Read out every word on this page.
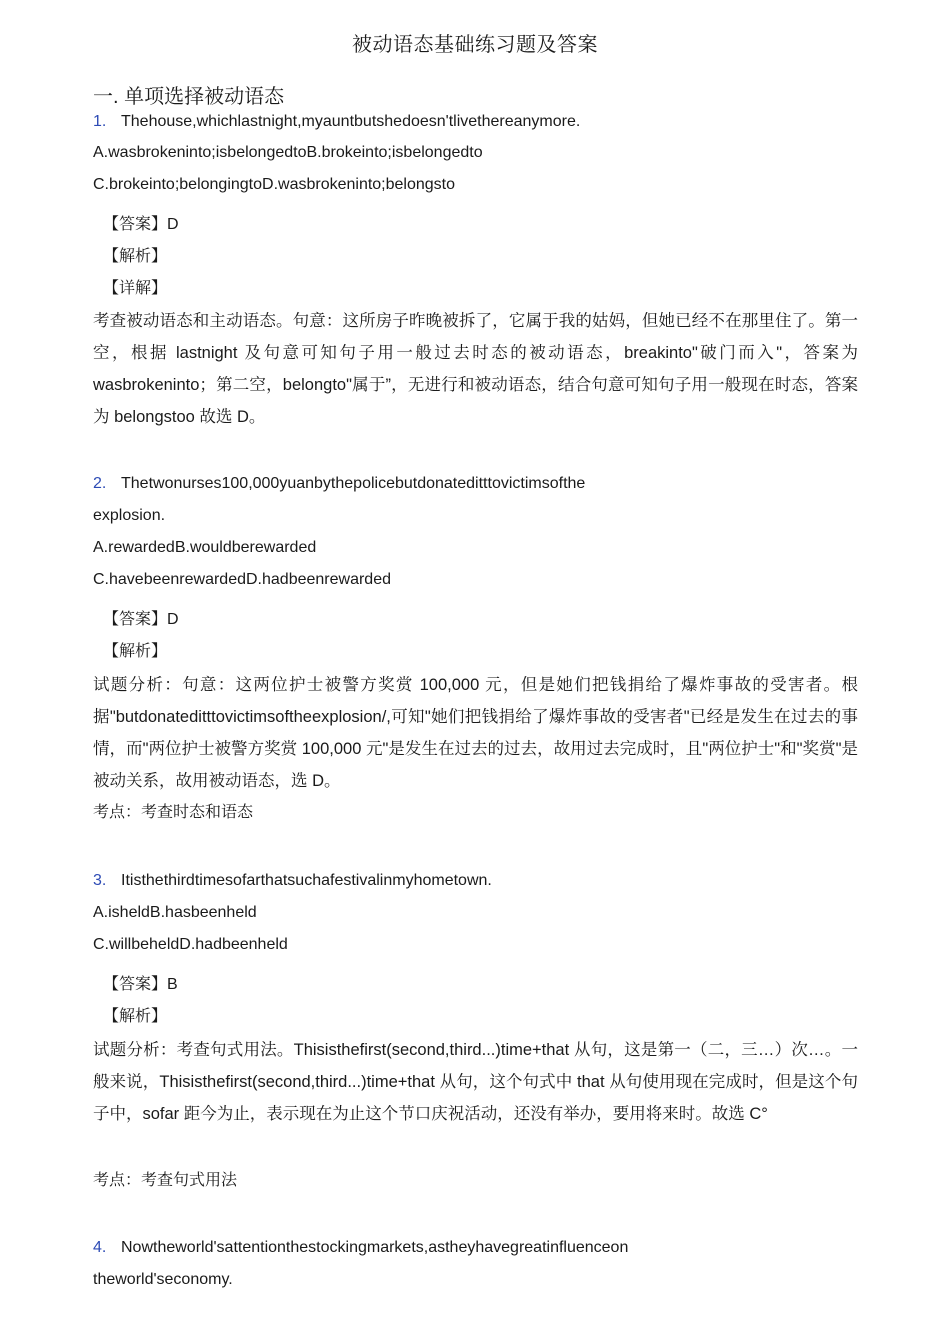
被动语态基础练习题及答案
一. 单项选择被动语态
1. Thehouse,whichlastnight,myauntbutshedoesn'tlivethereanymore.
A.wasbrokeninto;isbelongedtoB.brokeinto;isbelongedto
C.brokeinto;belongingtoD.wasbrokeninto;belongsto
【答案】D
【解析】
【详解】
考查被动语态和主动语态。句意：这所房子昨晚被拆了，它属于我的姑妈，但她已经不在那里住了。第一空，根据 lastnight 及句意可知句子用一般过去时态的被动语态，breakinto"破门而入"，答案为 wasbrokeninto；第二空，belongto"属于”，无进行和被动语态，结合句意可知句子用一般现在时态，答案为 belongstoo 故选 D。
2. Thetwonurses100,000yuanbythepolicebutdonateditttovictimsofthe
explosion.
A.rewardedB.wouldberewarded
C.havebeenrewardedD.hadbeenrewarded
【答案】D
【解析】
试题分析：句意：这两位护士被警方奖赏 100,000 元，但是她们把钱捐给了爆炸事故的受害者。根据"butdonateditttovictimsoftheexplosion/,可知"她们把钱捐给了爆炸事故的受害者"已经是发生在过去的事情，而"两位护士被警方奖赏 100,000 元"是发生在过去的过去，故用过去完成时，且"两位护士"和"奖赏"是被动关系，故用被动语态，选 D。
考点：考查时态和语态
3. Itisthethirdtimesofarthatsuchafestivalinmyhometown.
A.isheldB.hasbeenheld
C.willbeheldD.hadbeenheld
【答案】B
【解析】
试题分析：考查句式用法。Thisisthefirst(second,third...)time+that 从句，这是第一（二，三…）次…。一般来说，Thisisthefirst(second,third...)time+that 从句，这个句式中 that 从句使用现在完成时，但是这个句子中，sofar 距今为止，表示现在为止这个节口庆祝活动，还没有举办，要用将来时。故选 C°
考点：考查句式用法
4. Nowtheworld'sattentionthestockingmarkets,astheyhavegreatinfluenceon
theworld'seconomy.
